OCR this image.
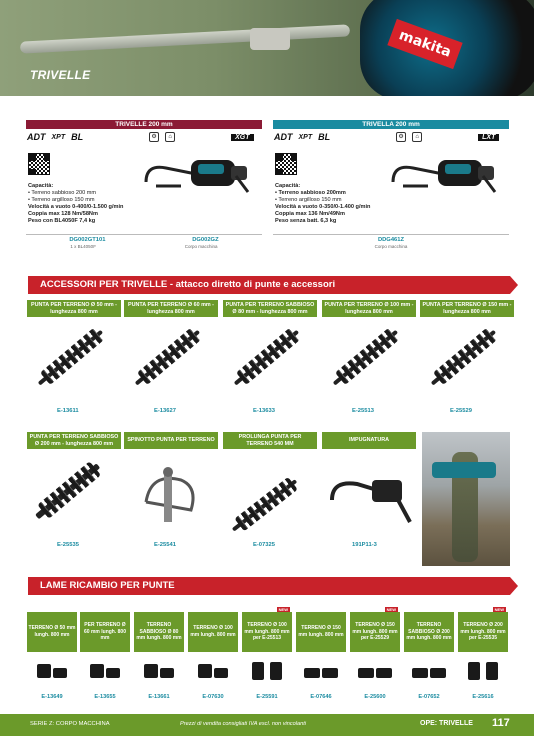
makita
TRIVELLE
TRIVELLE 200 mm
ADT XPT BL	⚙	⌂	XGT
Capacità:
• Terreno sabbioso 200 mm
• Terreno argilloso 150 mm
Velocità a vuoto 0-400/0-1.500 g/min
Coppia max 128 Nm/58Nm
Peso con BL4050F 7,4 kg
DG002GT101	DG002GZ
1 x BL4050F	Corpo macchina
TRIVELLA 200 mm
ADT XPT BL	⚙	⌂	LXT
Capacità:
• Terreno sabbioso 200mm
• Terreno argilloso 150 mm
Velocità a vuoto 0-350/0-1.400 g/min
Coppia max 136 Nm/49Nm
Peso senza batt. 6,3 kg
DDG461Z
Corpo macchina
ACCESSORI PER TRIVELLE - attacco diretto di punte e accessori
PUNTA PER TERRENO Ø 50 mm - lunghezza 800 mm
E-13611
PUNTA PER TERRENO Ø 60 mm - lunghezza 800 mm
E-13627
PUNTA PER TERRENO SABBIOSO Ø 80 mm - lunghezza 800 mm
E-13633
PUNTA PER TERRENO Ø 100 mm - lunghezza 800 mm
E-25513
PUNTA PER TERRENO Ø 150 mm - lunghezza 800 mm
E-25529
PUNTA PER TERRENO SABBIOSO Ø 200 mm - lunghezza 800 mm
E-25535
SPINOTTO PUNTA PER TERRENO
E-25541
PROLUNGA PUNTA PER TERRENO 540 MM
E-07325
IMPUGNATURA
191P11-3
LAME RICAMBIO PER PUNTE
TERRENO Ø 50 mm lungh. 800 mm
E-13649
PER TERRENO Ø 60 mm lungh. 800 mm
E-13655
TERRENO SABBIOSO Ø 80 mm lungh. 800 mm
E-13661
TERRENO Ø 100 mm lungh. 800 mm
E-07630
NEW
TERRENO Ø 100 mm lungh. 800 mm per E-25513
E-25591
TERRENO Ø 150 mm lungh. 800 mm
E-07646
NEW
TERRENO Ø 150 mm lungh. 800 mm per E-25529
E-25600
TERRENO SABBIOSO Ø 200 mm lungh. 800 mm
E-07652
NEW
TERRENO Ø 200 mm lungh. 800 mm per E-25535
E-25616
SERIE Z: CORPO MACCHINA	Prezzi di vendita consigliati IVA escl. non vincolanti	OPE: TRIVELLE 117
